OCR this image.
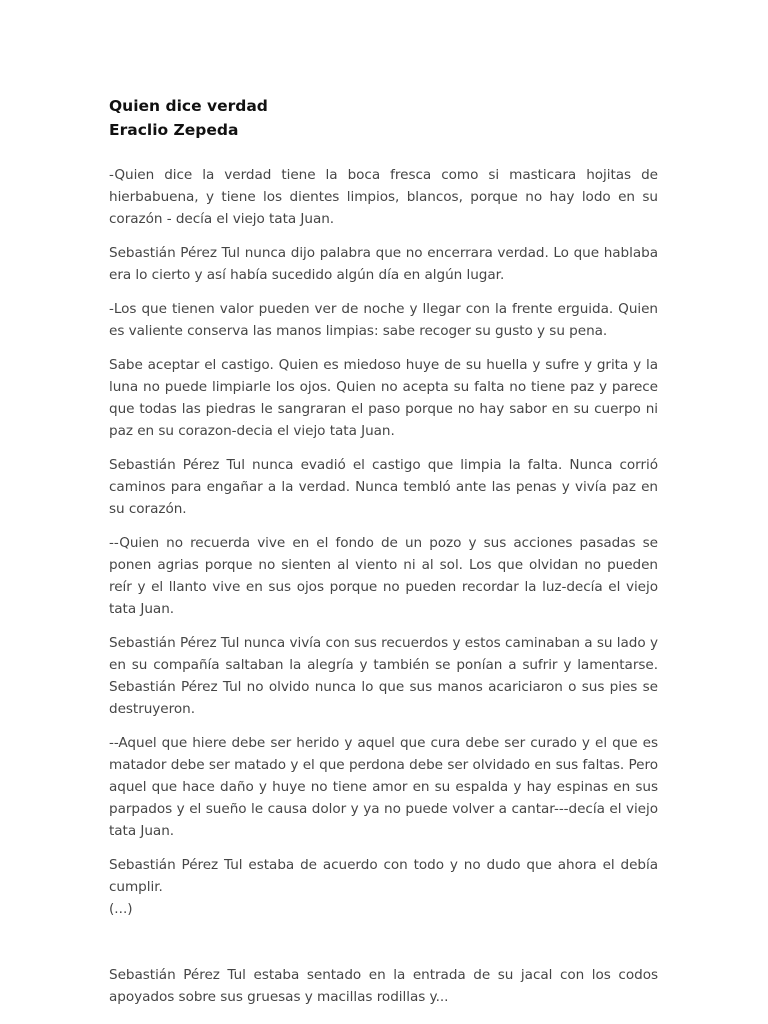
Quien dice verdad

Eraclio Zepeda

-Quien dice la verdad tiene la boca fresca como si masticara hojitas de hierbabuena, y tiene los dientes limpios, blancos, porque no hay lodo en su corazón - decía el viejo tata Juan.

Sebastián Pérez Tul nunca dijo palabra que no encerrara verdad. Lo que hablaba era lo cierto y así había sucedido algún día en algún lugar.

-Los que tienen valor pueden ver de noche y llegar con la frente erguida. Quien es valiente conserva las manos limpias: sabe recoger su gusto y su pena.

Sabe aceptar el castigo. Quien es miedoso huye de su huella y sufre y grita y la luna no puede limpiarle los ojos. Quien no acepta su falta no tiene paz y parece que todas las piedras le sangraran el paso porque no hay sabor en su cuerpo ni paz en su corazon-decia el viejo tata Juan.

Sebastián Pérez Tul nunca evadió el castigo que limpia la falta. Nunca corrió caminos para engañar a la verdad. Nunca tembló ante las penas y vivía paz en su corazón.

--Quien no recuerda vive en el fondo de un pozo y sus acciones pasadas se ponen agrias porque no sienten al viento ni al sol. Los que olvidan no pueden reír y el llanto vive en sus ojos porque no pueden recordar la luz-decía el viejo tata Juan.

Sebastián Pérez Tul nunca vivía con sus recuerdos y estos caminaban a su lado y en su compañía saltaban la alegría y también se ponían a sufrir y lamentarse. Sebastián Pérez Tul no olvido nunca lo que sus manos acariciaron o sus pies se destruyeron.

--Aquel que hiere debe ser herido y aquel que cura debe ser curado y el que es matador debe ser matado y el que perdona debe ser olvidado en sus faltas. Pero aquel que hace daño y huye no tiene amor en su espalda y hay espinas en sus parpados y el sueño le causa dolor y ya no puede volver a cantar---decía el viejo tata Juan.

Sebastián Pérez Tul estaba de acuerdo con todo y no dudo que ahora el debía cumplir.

(...)

Sebastián Pérez Tul estaba sentado en la entrada de su jacal con los codos apoyados sobre sus gruesas y macillas rodillas y...
